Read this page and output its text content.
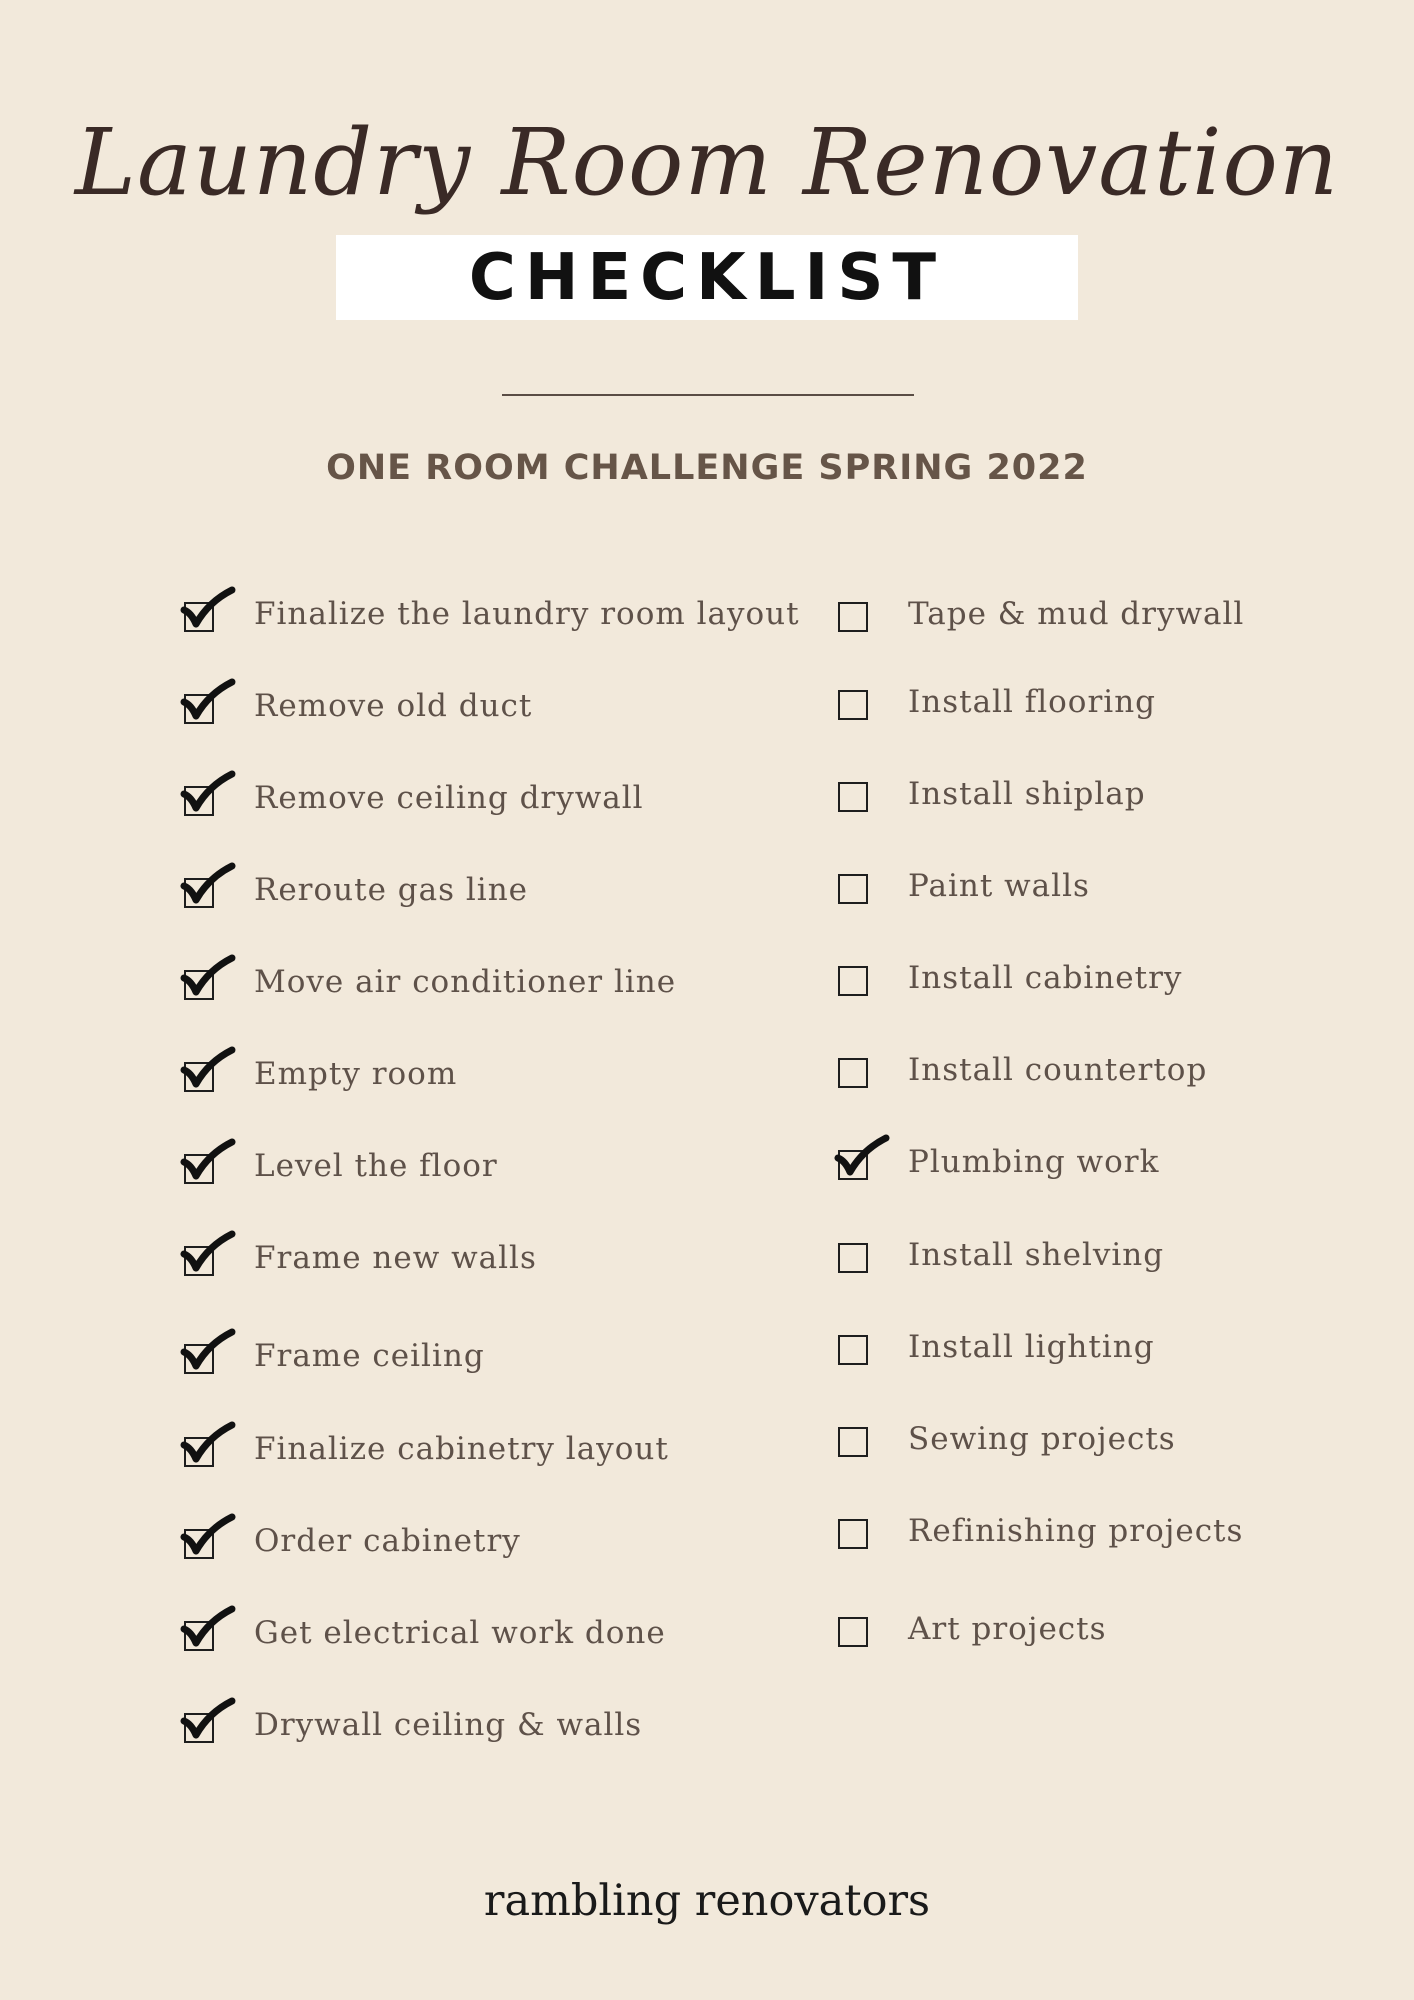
Laundry Room Renovation
CHECKLIST
ONE ROOM CHALLENGE SPRING 2022
Finalize the laundry room layout
Remove old duct
Remove ceiling drywall
Reroute gas line
Move air conditioner line
Empty room
Level the floor
Frame new walls
Frame ceiling
Finalize cabinetry layout
Order cabinetry
Get electrical work done
Drywall ceiling & walls
Tape & mud drywall
Install flooring
Install shiplap
Paint walls
Install cabinetry
Install countertop
Plumbing work
Install shelving
Install lighting
Sewing projects
Refinishing projects
Art projects
rambling renovators
